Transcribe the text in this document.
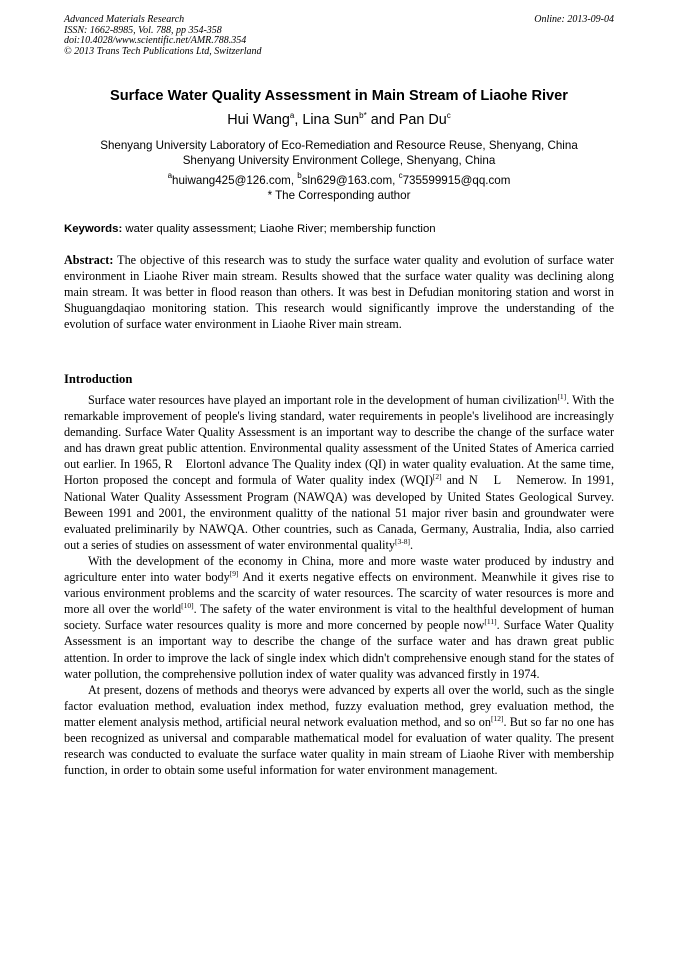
Advanced Materials Research
ISSN: 1662-8985, Vol. 788, pp 354-358
doi:10.4028/www.scientific.net/AMR.788.354
© 2013 Trans Tech Publications Ltd, Switzerland
Online: 2013-09-04
Surface Water Quality Assessment in Main Stream of Liaohe River
Hui Wang$^a$, Lina Sun$^{b*}$ and Pan Du$^c$
Shenyang University Laboratory of Eco-Remediation and Resource Reuse, Shenyang, China
Shenyang University Environment College, Shenyang, China
$^a$huiwang425@126.com, $^b$sln629@163.com, $^c$735599915@qq.com
* The Corresponding author
Keywords: water quality assessment; Liaohe River; membership function
Abstract: The objective of this research was to study the surface water quality and evolution of surface water environment in Liaohe River main stream. Results showed that the surface water quality was declining along main stream. It was better in flood reason than others. It was best in Defudian monitoring station and worst in Shuguangdaqiao monitoring station. This research would significantly improve the understanding of the evolution of surface water environment in Liaohe River main stream.
Introduction

Surface water resources have played an important role in the development of human civilization[1]. With the remarkable improvement of people's living standard, water requirements in people's livelihood are increasingly demanding. Surface Water Quality Assessment is an important way to describe the change of the surface water and has drawn great public attention. Environmental quality assessment of the United States of America carried out earlier. In 1965, R　Elortonl advance The Quality index (QI) in water quality evaluation. At the same time, Horton proposed the concept and formula of Water quality index (WQI)[2] and N　L　Nemerow. In 1991, National Water Quality Assessment Program (NAWQA) was developed by United States Geological Survey. Beween 1991 and 2001, the environment qualitty of the national 51 major river basin and groundwater were evaluated preliminarily by NAWQA. Other countries, such as Canada, Germany, Australia, India, also carried out a series of studies on assessment of water environmental quality[3-8].

With the development of the economy in China, more and more waste water produced by industry and agriculture enter into water body[9] And it exerts negative effects on environment. Meanwhile it gives rise to various environment problems and the scarcity of water resources. The scarcity of water resources is more and more all over the world[10]. The safety of the water environment is vital to the healthful development of human society. Surface water resources quality is more and more concerned by people now[11]. Surface Water Quality Assessment is an important way to describe the change of the surface water and has drawn great public attention. In order to improve the lack of single index which didn't comprehensive enough stand for the states of water pollution, the comprehensive pollution index of water quality was advanced firstly in 1974.

At present, dozens of methods and theorys were advanced by experts all over the world, such as the single factor evaluation method, evaluation index method, fuzzy evaluation method, grey evaluation method, the matter element analysis method, artificial neural network evaluation method, and so on[12]. But so far no one has been recognized as universal and comparable mathematical model for evaluation of water quality. The present research was conducted to evaluate the surface water quality in main stream of Liaohe River with membership function, in order to obtain some useful information for water environment management.
